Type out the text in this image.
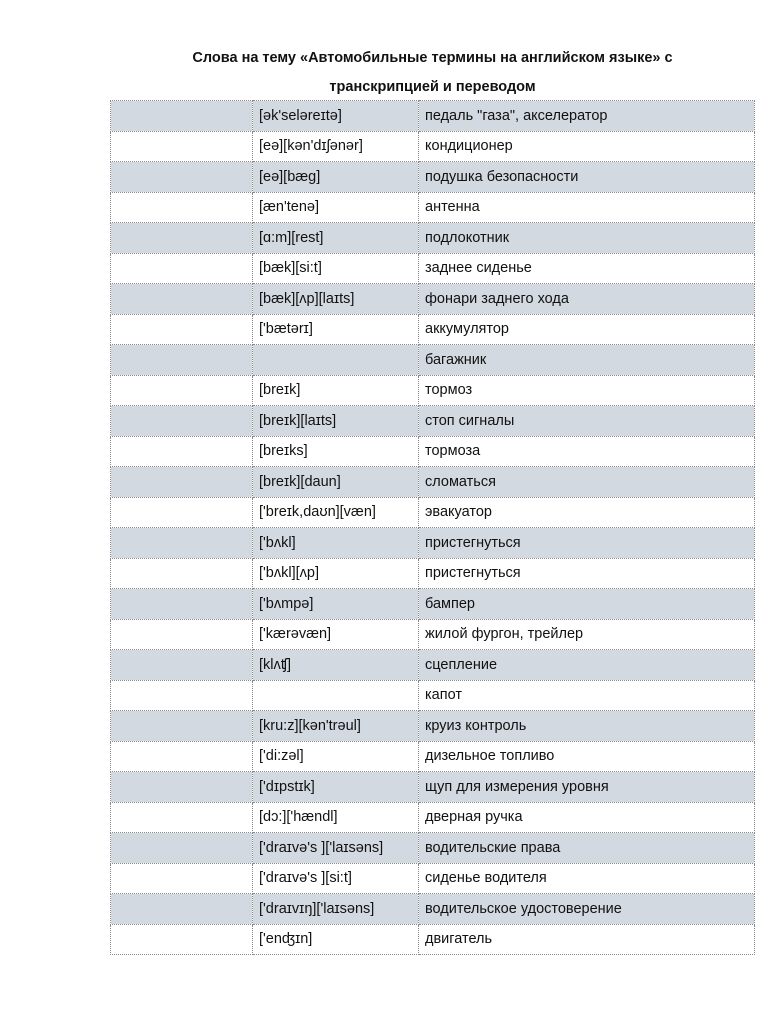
Слова на тему «Автомобильные термины на английском языке» с

транскрипцией и переводом

	[ək'seləreɪtə]	педаль "газа", акселератор
	[eə][kən'dɪʃənər]	кондиционер
	[eə][bæg]	подушка безопасности
	[æn'tenə]	антенна
	[ɑ:m][rest]	подлокотник
	[bæk][si:t]	заднее сиденье
	[bæk][ʌp][laɪts]	фонари заднего хода
	['bætərɪ]	аккумулятор
		багажник
	[breɪk]	тормоз
	[breɪk][laɪts]	стоп сигналы
	[breɪks]	тормоза
	[breɪk][daun]	сломаться
	['breɪk,daʊn][væn]	эвакуатор
	['bʌkl]	пристегнуться
	['bʌkl][ʌp]	пристегнуться
	['bʌmpə]	бампер
	['kærəvæn]	жилой фургон, трейлер
	[klʌʧ]	сцепление
		капот
	[kru:z][kən'trəul]	круиз контроль
	['di:zəl]	дизельное топливо
	['dɪpstɪk]	щуп для измерения уровня
	[dɔ:]['hændl]	дверная ручка
	['draɪvə's ]['laɪsəns]	водительские права
	['draɪvə's ][si:t]	сиденье водителя
	['draɪvɪŋ]['laɪsəns]	водительское удостоверение
	['enʤɪn]	двигатель
